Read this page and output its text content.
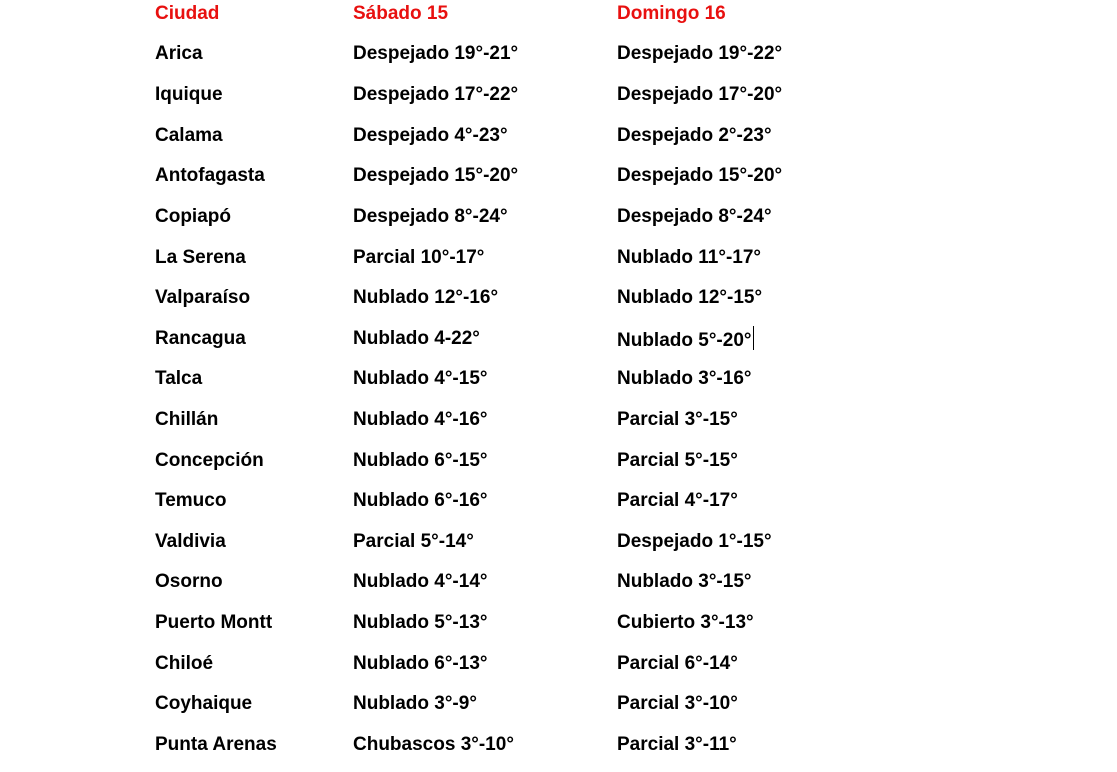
Ciudad	Sábado 15	Domingo 16
Arica	Despejado 19°-21°	Despejado 19°-22°
Iquique	Despejado 17°-22°	Despejado 17°-20°
Calama	Despejado 4°-23°	Despejado 2°-23°
Antofagasta	Despejado 15°-20°	Despejado 15°-20°
Copiapó	Despejado 8°-24°	Despejado 8°-24°
La Serena	Parcial 10°-17°	Nublado 11°-17°
Valparaíso	Nublado 12°-16°	Nublado 12°-15°
Rancagua	Nublado 4-22°	Nublado 5°-20°
Talca	Nublado 4°-15°	Nublado 3°-16°
Chillán	Nublado 4°-16°	Parcial 3°-15°
Concepción	Nublado 6°-15°	Parcial 5°-15°
Temuco	Nublado 6°-16°	Parcial 4°-17°
Valdivia	Parcial 5°-14°	Despejado 1°-15°
Osorno	Nublado 4°-14°	Nublado 3°-15°
Puerto Montt	Nublado 5°-13°	Cubierto 3°-13°
Chiloé	Nublado 6°-13°	Parcial 6°-14°
Coyhaique	Nublado 3°-9°	Parcial 3°-10°
Punta Arenas	Chubascos 3°-10°	Parcial 3°-11°
